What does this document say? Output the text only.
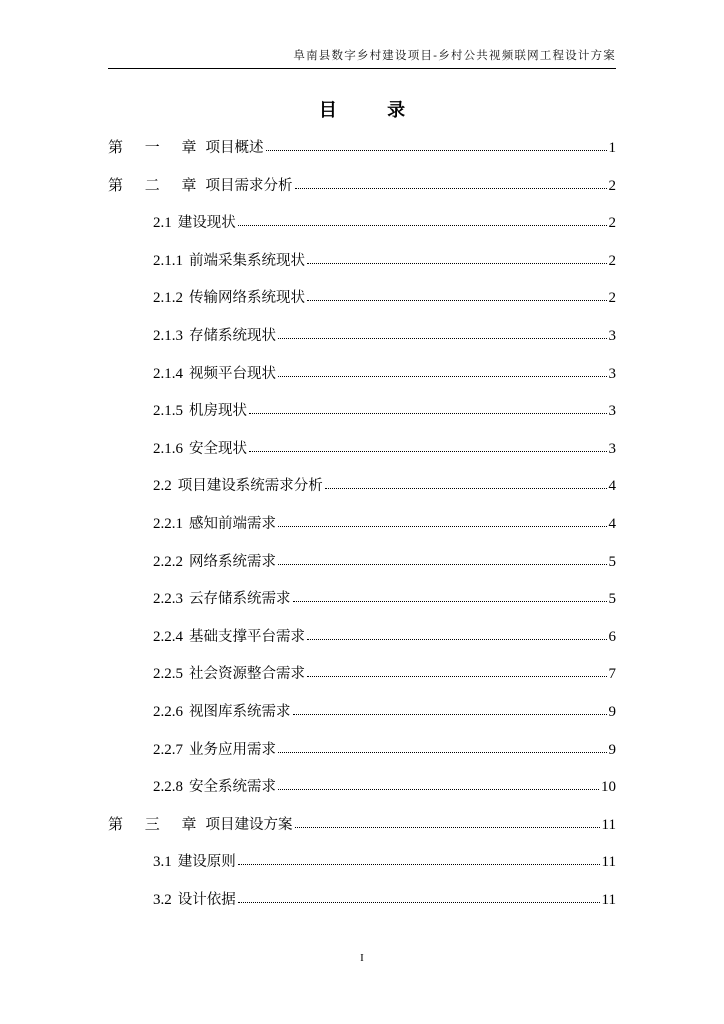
阜南县数字乡村建设项目-乡村公共视频联网工程设计方案
目 录
第 一 章 项目概述	1
第 二 章 项目需求分析	2
2.1 建设现状	2
2.1.1 前端采集系统现状	2
2.1.2 传输网络系统现状	2
2.1.3 存储系统现状	3
2.1.4 视频平台现状	3
2.1.5 机房现状	3
2.1.6 安全现状	3
2.2 项目建设系统需求分析	4
2.2.1 感知前端需求	4
2.2.2 网络系统需求	5
2.2.3 云存储系统需求	5
2.2.4 基础支撑平台需求	6
2.2.5 社会资源整合需求	7
2.2.6 视图库系统需求	9
2.2.7 业务应用需求	9
2.2.8 安全系统需求	10
第 三 章 项目建设方案	11
3.1 建设原则	11
3.2 设计依据	11
I
